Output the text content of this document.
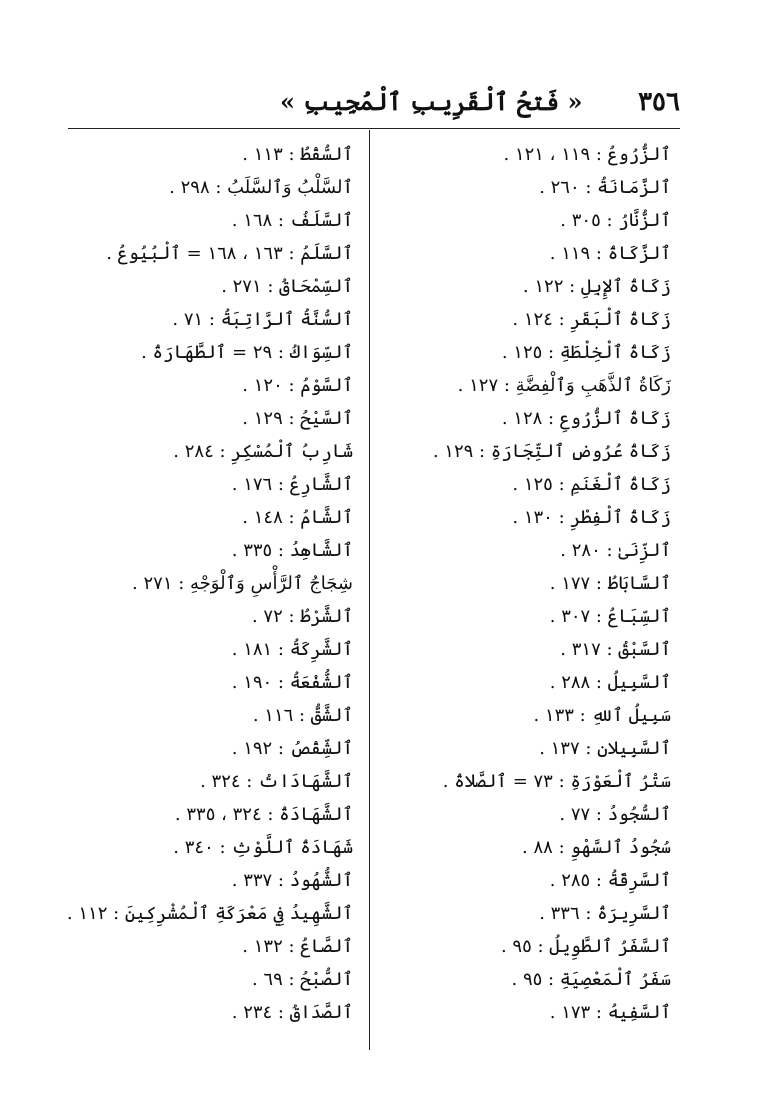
٣٥٦
« فَتحُ ٱلْقَرِيبِ ٱلْمُجِيبِ »
ٱلزُّرُوعُ : ١١٩ ، ١٢١ .
ٱلزَّمَانَةُ : ٢٦٠ .
ٱلزُّنَّارُ : ٣٠٥ .
ٱلزَّكَاةُ : ١١٩ .
زَكَاةُ ٱلإِبِلِ : ١٢٢ .
زَكَاةُ ٱلْبَقَرِ : ١٢٤ .
زَكَاةُ ٱلْخِلْطَةِ : ١٢٥ .
زَكَاةُ ٱلذَّهَبِ وَٱلْفِضَّةِ : ١٢٧ .
زَكَاةُ ٱلزُّرُوعِ : ١٢٨ .
زَكَاةُ عُرُوضِ ٱلتِّجَارَةِ : ١٢٩ .
زَكَاةُ ٱلْغَنَمِ : ١٢٥ .
زَكَاةُ ٱلْفِطْرِ : ١٣٠ .
ٱلزِّنَىٰ : ٢٨٠ .
ٱلسَّابَاطُ : ١٧٧ .
ٱلسِّبَاعُ : ٣٠٧ .
ٱلسَّبْقُ : ٣١٧ .
ٱلسَّبِيلُ : ٢٨٨ .
سَبِيلُ ٱللهِ : ١٣٣ .
ٱلسَّبِيلان : ١٣٧ .
سَتْرُ ٱلْعَوْرَةِ : ٧٣ = ٱلصَّلاةُ .
ٱلسُّجُودُ : ٧٧ .
سُجُودُ ٱلسَّهْوِ : ٨٨ .
ٱلسَّرِقَةُ : ٢٨٥ .
ٱلسَّرِيرَةُ : ٣٣٦ .
ٱلسَّفَرُ ٱلطَّوِيلُ : ٩٥ .
سَفَرُ ٱلْمَعْصِيَةِ : ٩٥ .
ٱلسَّفِيهُ : ١٧٣ .
ٱلسُّقْطُ : ١١٣ .
ٱلسَّلْبُ وَٱلسَّلَبُ : ٢٩٨ .
ٱلسَّلَفُ : ١٦٨ .
ٱلسَّلَمُ : ١٦٣ ، ١٦٨ = ٱلْبُيُوعُ .
ٱلسِّمْحَاقُ : ٢٧١ .
ٱلسُّنَّةُ ٱلرَّاتِبَةُ : ٧١ .
ٱلسِّوَاكُ : ٢٩ = ٱلطَّهَارَةُ .
ٱلسَّوْمُ : ١٢٠ .
ٱلسَّيْحُ : ١٢٩ .
شَارِبُ ٱلْمُسْكِرِ : ٢٨٤ .
ٱلشَّارِعُ : ١٧٦ .
ٱلشَّامُ : ١٤٨ .
ٱلشَّاهِدُ : ٣٣٥ .
شِجَاجُ ٱلرَّأْسِ وَٱلْوَجْهِ : ٢٧١ .
ٱلشَّرْطُ : ٧٢ .
ٱلشَّرِكَةُ : ١٨١ .
ٱلشُّفْعَةُ : ١٩٠ .
ٱلشَّقُّ : ١١٦ .
ٱلشِّقْصُ : ١٩٢ .
ٱلشَّهَادَاتُ : ٣٢٤ .
ٱلشَّهَادَةُ : ٣٢٤ ، ٣٣٥ .
شَهَادَةُ ٱللَّوْثِ : ٣٤٠ .
ٱلشُّهُودُ : ٣٣٧ .
ٱلشَّهِيدُ فِي مَعْرَكَةِ ٱلْمُشْرِكِينَ : ١١٢ .
ٱلصَّاعُ : ١٣٢ .
ٱلصُّبْحُ : ٦٩ .
ٱلصَّدَاقُ : ٢٣٤ .
